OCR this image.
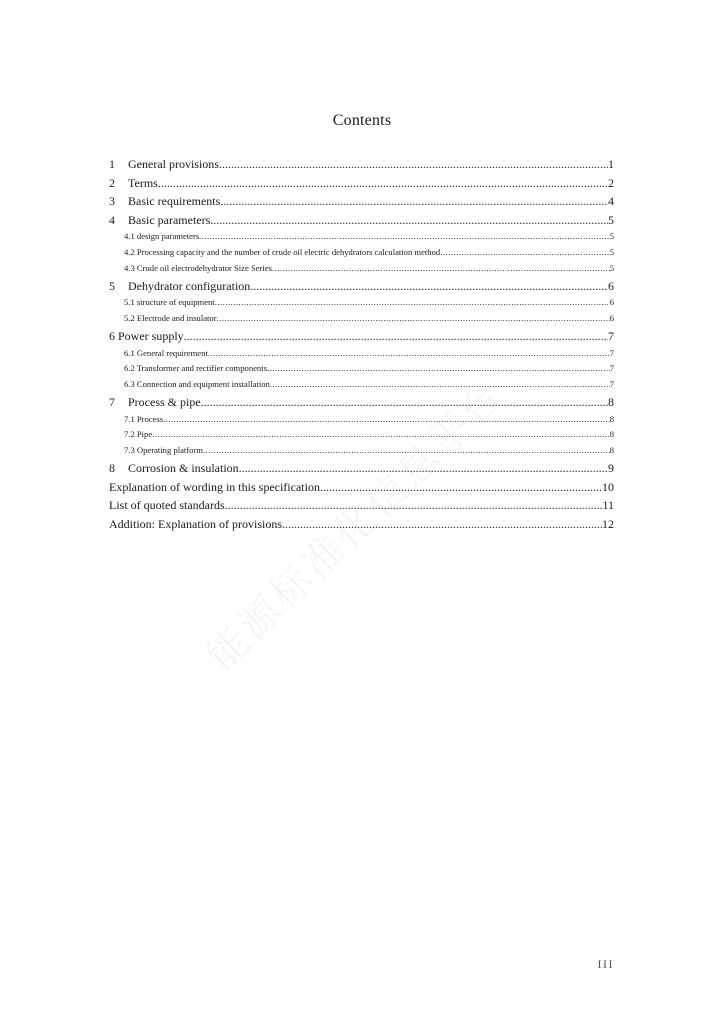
Contents
1 General provisions .....	1
2 Terms .....	2
3 Basic requirements .....	4
4 Basic parameters .....	5
4.1 design parameters .....	5
4.2 Processing capacity and the number of crude oil electric dehydrators calculation method .....	5
4.3 Crude oil electrodehydrator Size Series .....	5
5 Dehydrator configuration .....	6
5.1 structure of equipment .....	6
5.2 Electrode and insulator .....	6
6 Power supply .....	7
6.1 General requirement .....	7
6.2 Transformer and rectifier components .....	7
6.3 Connection and equipment installation .....	7
7 Process & pipe .....	8
7.1 Process .....	8
7.2 Pipe .....	8
7.3 Operating platform .....	8
8 Corrosion & insulation .....	9
Explanation of wording in this specification .....	10
List of quoted standards .....	11
Addition: Explanation of provisions .....	12
III
